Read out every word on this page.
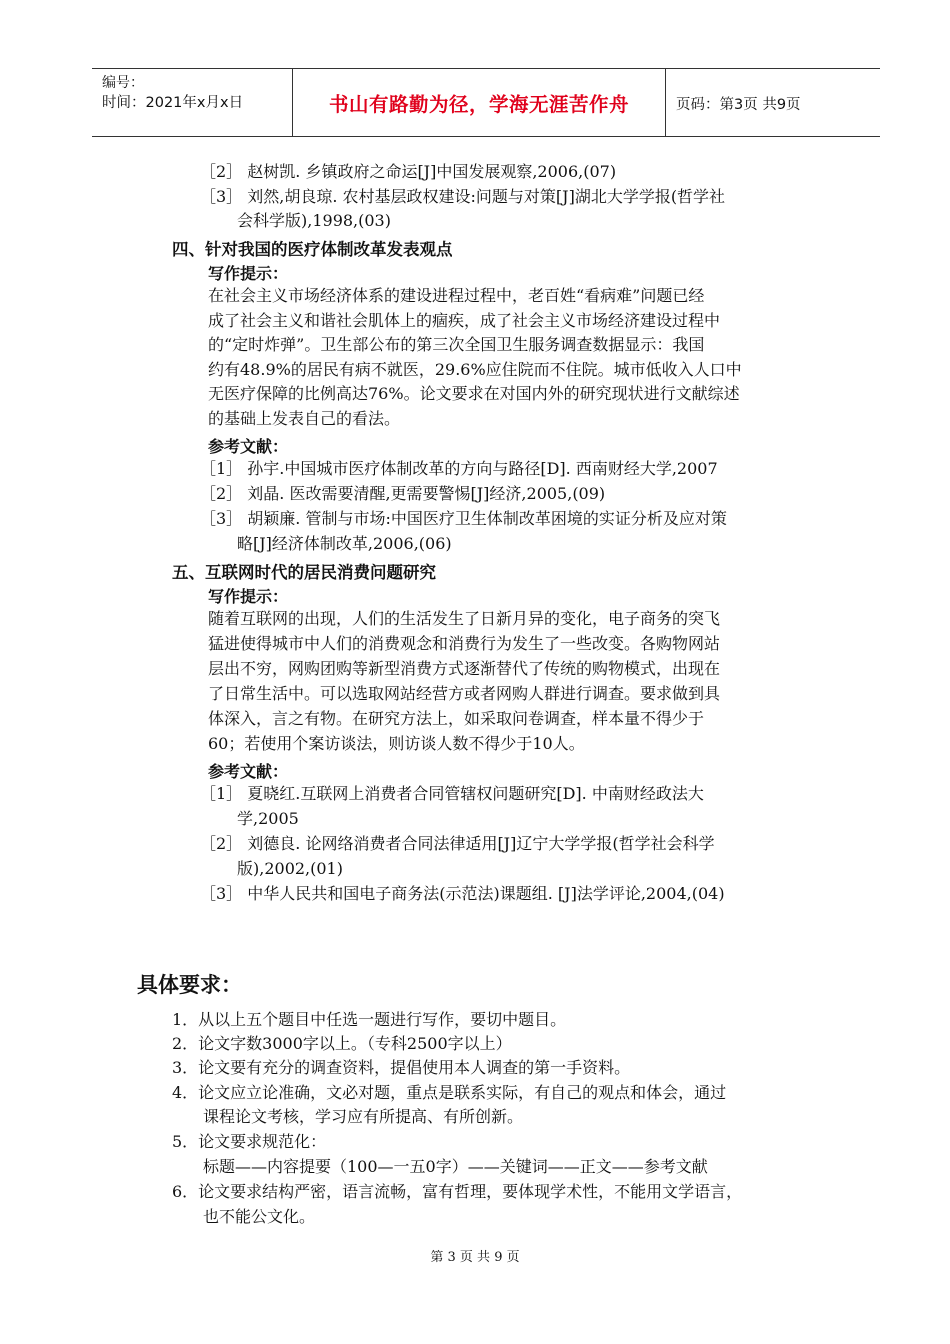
编号：
时间：2021年x月x日	书山有路勤为径，学海无涯苦作舟	页码：第3页 共9页
［2］ 赵树凯. 乡镇政府之命运[J]中国发展观察,2006,(07)
［3］ 刘然,胡良琼. 农村基层政权建设:问题与对策[J]湖北大学学报(哲学社
会科学版),1998,(03)
四、针对我国的医疗体制改革发表观点
写作提示：
在社会主义市场经济体系的建设进程过程中，老百姓“看病难”问题已经
成了社会主义和谐社会肌体上的痼疾，成了社会主义市场经济建设过程中
的“定时炸弹”。卫生部公布的第三次全国卫生服务调查数据显示：我国
约有48.9%的居民有病不就医，29.6%应住院而不住院。城市低收入人口中
无医疗保障的比例高达76%。论文要求在对国内外的研究现状进行文献综述
的基础上发表自己的看法。
参考文献：
［1］ 孙宇.中国城市医疗体制改革的方向与路径[D]. 西南财经大学,2007
［2］ 刘晶. 医改需要清醒,更需要警惕[J]经济,2005,(09)
［3］ 胡颖廉. 管制与市场:中国医疗卫生体制改革困境的实证分析及应对策
略[J]经济体制改革,2006,(06)
五、互联网时代的居民消费问题研究
写作提示：
随着互联网的出现，人们的生活发生了日新月异的变化，电子商务的突飞
猛进使得城市中人们的消费观念和消费行为发生了一些改变。各购物网站
层出不穷，网购团购等新型消费方式逐渐替代了传统的购物模式，出现在
了日常生活中。可以选取网站经营方或者网购人群进行调查。要求做到具
体深入，言之有物。在研究方法上，如采取问卷调查，样本量不得少于
60；若使用个案访谈法，则访谈人数不得少于10人。
参考文献：
［1］ 夏晓红.互联网上消费者合同管辖权问题研究[D]. 中南财经政法大
学,2005
［2］ 刘德良. 论网络消费者合同法律适用[J]辽宁大学学报(哲学社会科学
版),2002,(01)
［3］ 中华人民共和国电子商务法(示范法)课题组. [J]法学评论,2004,(04)
具体要求：
1．从以上五个题目中任选一题进行写作，要切中题目。
2．论文字数3000字以上。（专科2500字以上）
3．论文要有充分的调查资料，提倡使用本人调查的第一手资料。
4．论文应立论准确，文必对题，重点是联系实际，有自己的观点和体会，通过
课程论文考核，学习应有所提高、有所创新。
5．论文要求规范化：
标题——内容提要（100—一五0字）——关键词——正文——参考文献
6．论文要求结构严密，语言流畅，富有哲理，要体现学术性，不能用文学语言，
也不能公文化。
第 3 页 共 9 页
